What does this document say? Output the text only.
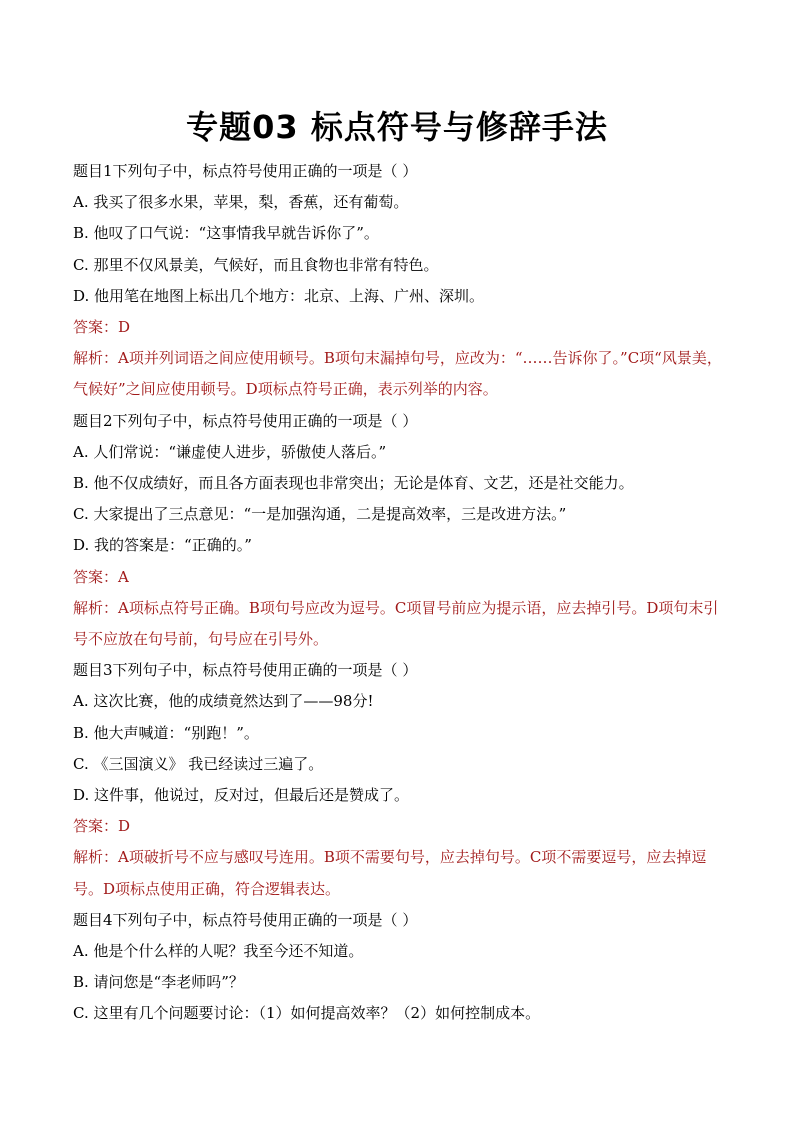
专题03 标点符号与修辞手法

题目1下列句子中，标点符号使用正确的一项是（ ）

A. 我买了很多水果，苹果，梨，香蕉，还有葡萄。

B. 他叹了口气说：“这事情我早就告诉你了”。

C. 那里不仅风景美，气候好，而且食物也非常有特色。

D. 他用笔在地图上标出几个地方：北京、上海、广州、深圳。

答案：D

解析：A项并列词语之间应使用顿号。B项句末漏掉句号，应改为：“……告诉你了。”C项“风景美，气候好”之间应使用顿号。D项标点符号正确，表示列举的内容。

题目2下列句子中，标点符号使用正确的一项是（ ）

A. 人们常说：“谦虚使人进步，骄傲使人落后。”

B. 他不仅成绩好，而且各方面表现也非常突出；无论是体育、文艺，还是社交能力。

C. 大家提出了三点意见：“一是加强沟通，二是提高效率，三是改进方法。”

D. 我的答案是：“正确的。”

答案：A

解析：A项标点符号正确。B项句号应改为逗号。C项冒号前应为提示语，应去掉引号。D项句末引号不应放在句号前，句号应在引号外。

题目3下列句子中，标点符号使用正确的一项是（ ）

A. 这次比赛，他的成绩竟然达到了——98分!

B. 他大声喊道：“别跑！”。

C. 《三国演义》 我已经读过三遍了。

D. 这件事，他说过，反对过，但最后还是赞成了。

答案：D

解析：A项破折号不应与感叹号连用。B项不需要句号，应去掉句号。C项不需要逗号，应去掉逗号。D项标点使用正确，符合逻辑表达。

题目4下列句子中，标点符号使用正确的一项是（ ）

A. 他是个什么样的人呢？我至今还不知道。

B. 请问您是“李老师吗”？

C. 这里有几个问题要讨论：（1）如何提高效率？（2）如何控制成本。
